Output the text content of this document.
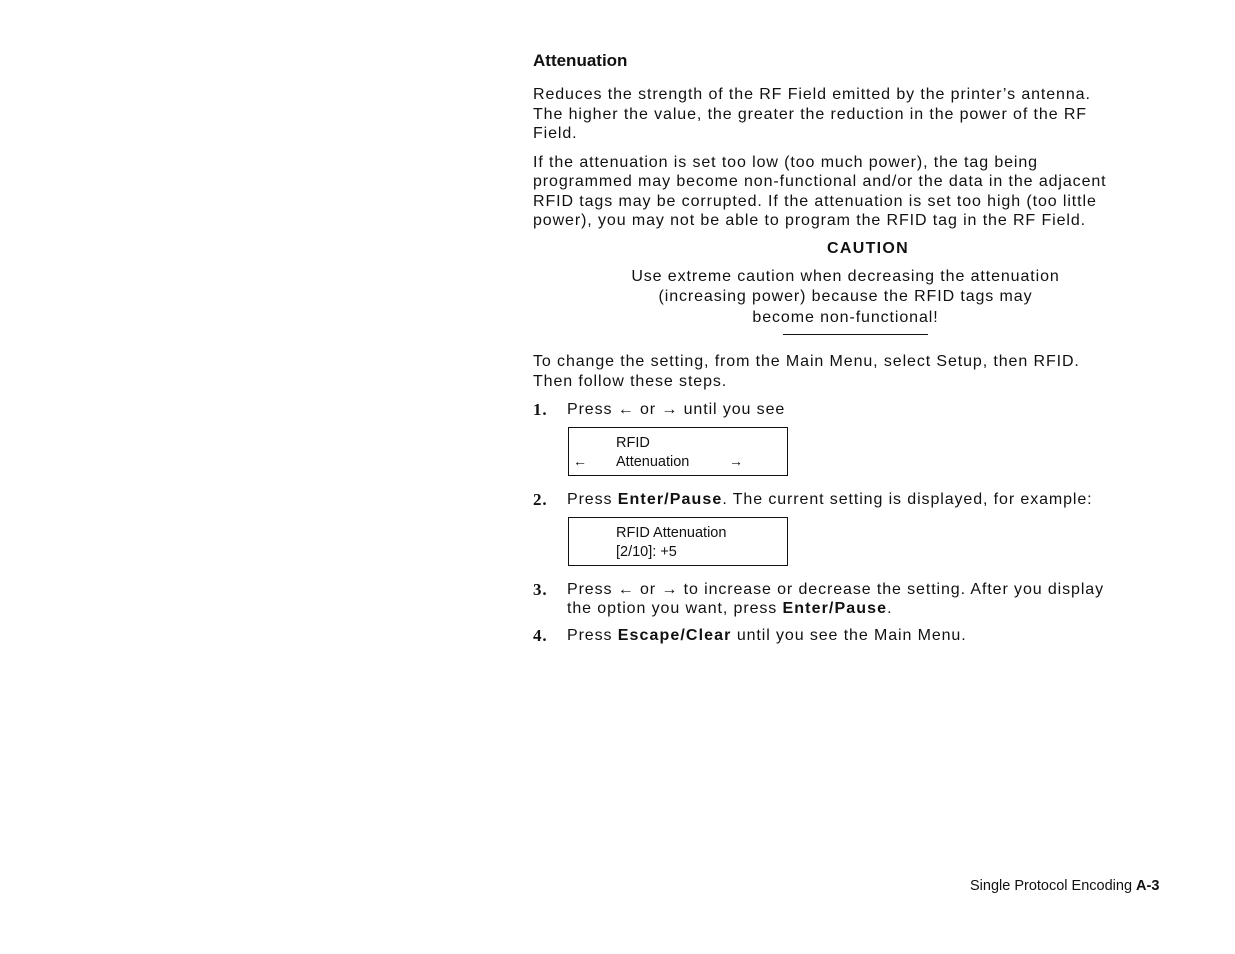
Attenuation

Reduces the strength of the RF Field emitted by the printer’s antenna.
The higher the value, the greater the reduction in the power of the RF
Field.

If the attenuation is set too low (too much power), the tag being
programmed may become non-functional and/or the data in the adjacent
RFID tags may be corrupted. If the attenuation is set too high (too little
power), you may not be able to program the RFID tag in the RF Field.

CAUTION
Use extreme caution when decreasing the attenuation
(increasing power) because the RFID tags may
become non-functional!

To change the setting, from the Main Menu, select Setup, then RFID.
Then follow these steps.

1.	Press ← or → until you see
RFID
← Attenuation	→
2.	Press Enter/Pause. The current setting is displayed, for example:
RFID Attenuation
[2/10]: +5
3.	Press ← or → to increase or decrease the setting. After you display
the option you want, press Enter/Pause.
4.	Press Escape/Clear until you see the Main Menu.
Single Protocol Encoding A-3
